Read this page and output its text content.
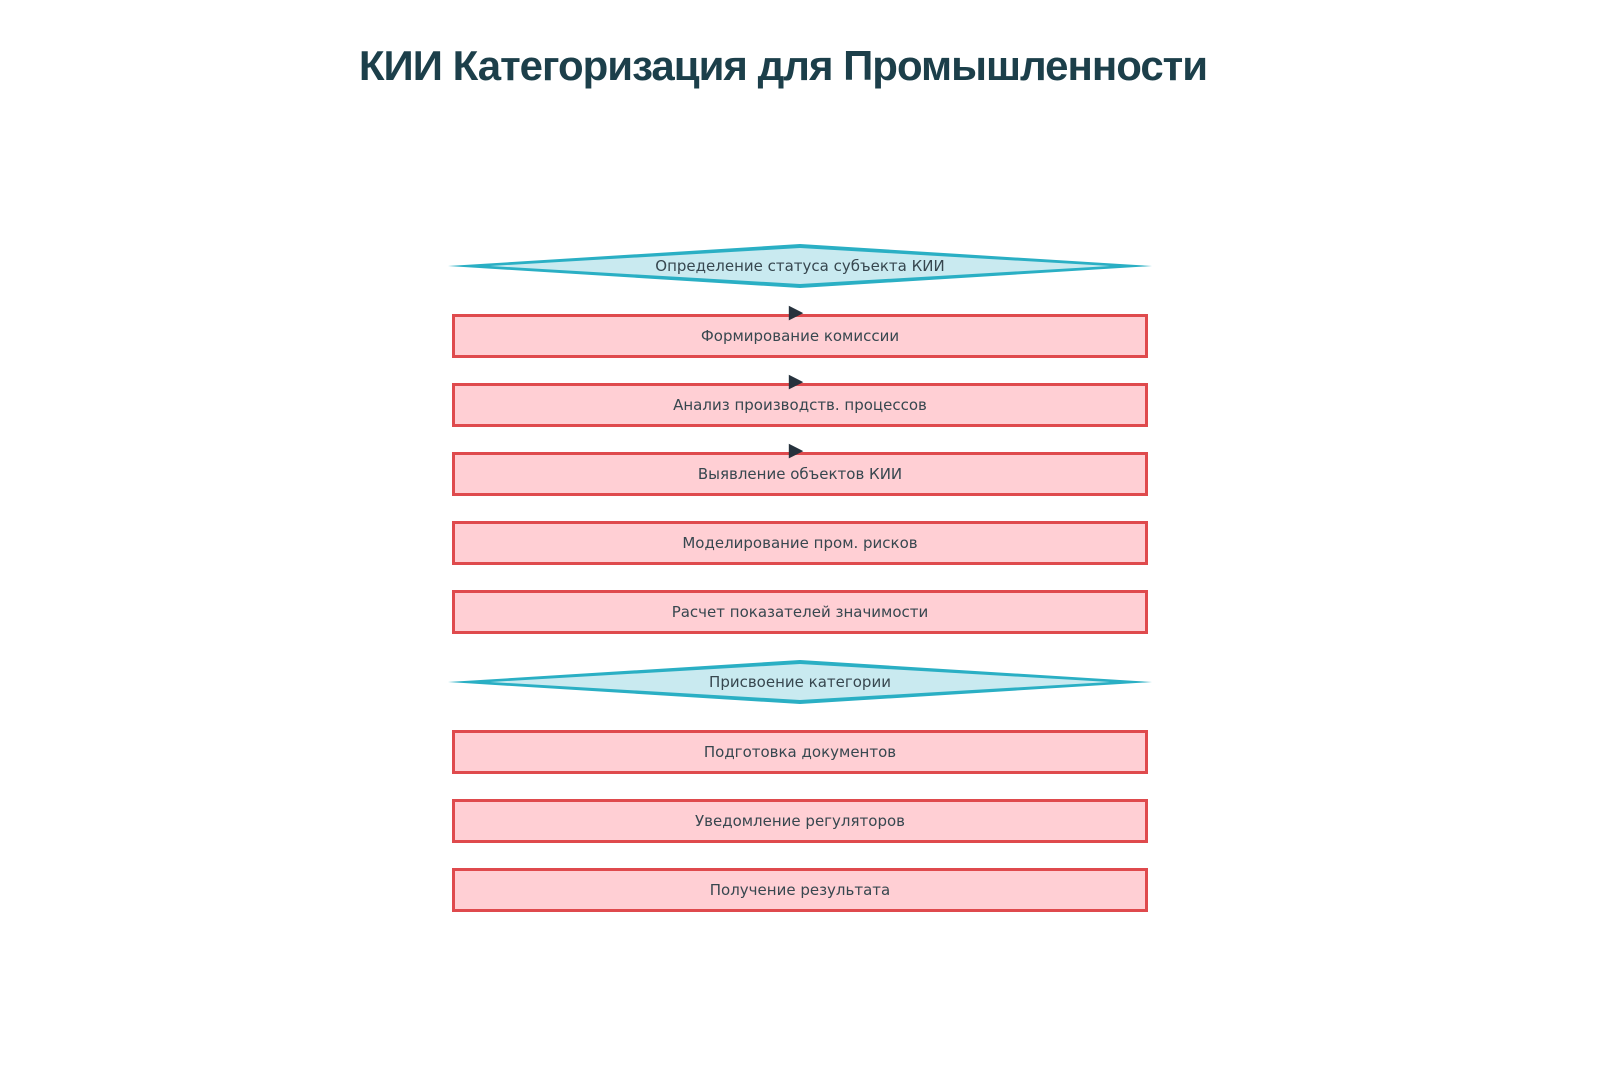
КИИ Категоризация для Промышленности
Определение статуса субъекта КИИ
▶
Формирование комиссии
▶
Анализ производств. процессов
▶
Выявление объектов КИИ
Моделирование пром. рисков
Расчет показателей значимости
Присвоение категории
Подготовка документов
Уведомление регуляторов
Получение результата
